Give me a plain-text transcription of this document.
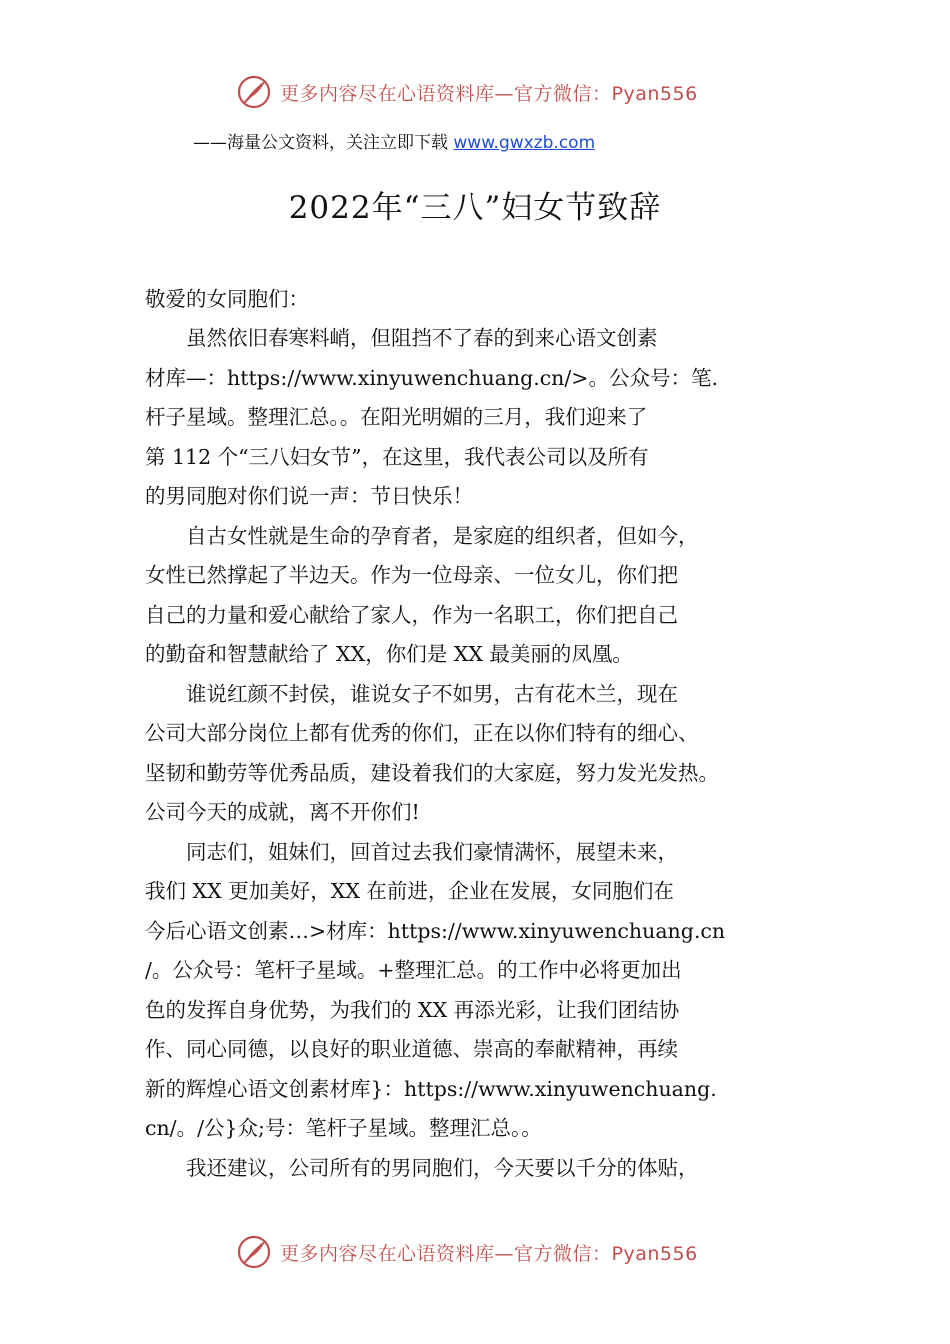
更多内容尽在心语资料库—官方微信：Pyan556
——海量公文资料，关注立即下载 www.gwxzb.com
2022年“三八”妇女节致辞

敬爱的女同胞们：

　　虽然依旧春寒料峭，但阻挡不了春的到来心语文创素

材库—：https://www.xinyuwenchuang.cn/>。公众号：笔.

杆子星域。整理汇总。。在阳光明媚的三月，我们迎来了

第 112 个“三八妇女节”，在这里，我代表公司以及所有

的男同胞对你们说一声：节日快乐！

　　自古女性就是生命的孕育者，是家庭的组织者，但如今，

女性已然撑起了半边天。作为一位母亲、一位女儿，你们把

自己的力量和爱心献给了家人，作为一名职工，你们把自己

的勤奋和智慧献给了 XX，你们是 XX 最美丽的凤凰。

　　谁说红颜不封侯，谁说女子不如男，古有花木兰，现在

公司大部分岗位上都有优秀的你们，正在以你们特有的细心、

坚韧和勤劳等优秀品质，建设着我们的大家庭，努力发光发热。

公司今天的成就，离不开你们!

　　同志们，姐妹们，回首过去我们豪情满怀，展望未来，

我们 XX 更加美好，XX 在前进，企业在发展，女同胞们在

今后心语文创素…>材库：https://www.xinyuwenchuang.cn

/。公众号：笔杆子星域。+整理汇总。的工作中必将更加出

色的发挥自身优势，为我们的 XX 再添光彩，让我们团结协

作、同心同德，以良好的职业道德、崇高的奉献精神，再续

新的辉煌心语文创素材库}：https://www.xinyuwenchuang.

cn/。/公}众;号：笔杆子星域。整理汇总。。

　　我还建议，公司所有的男同胞们，今天要以千分的体贴，

更多内容尽在心语资料库—官方微信：Pyan556
